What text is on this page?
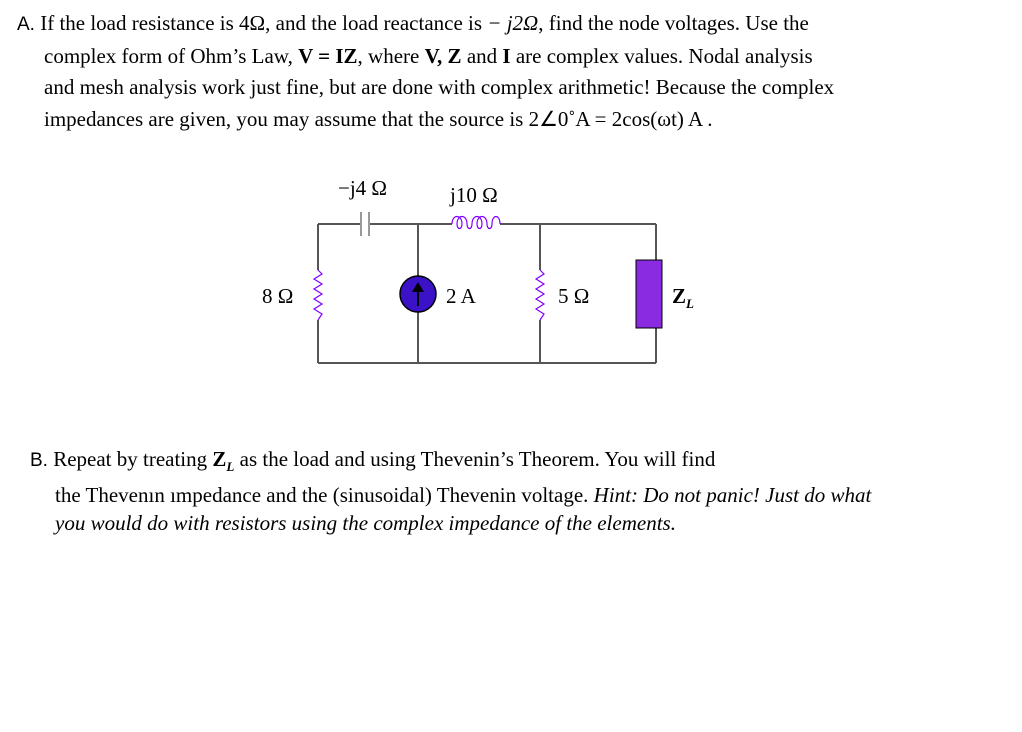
A. If the load resistance is 4Ω, and the load reactance is − j2Ω, find the node voltages. Use the
complex form of Ohm’s Law, V = IZ, where V, Z and I are complex values. Nodal analysis
and mesh analysis work just fine, but are done with complex arithmetic! Because the complex
impedances are given, you may assume that the source is 2∠0˚A = 2cos(ωt) A .
−j4 Ω	j10 Ω
8 Ω	2 A	5 Ω	$Z_L$
B. Repeat by treating $Z_L$ as the load and using Thevenin’s Theorem. You will find
the Thevenın ımpedance and the (sinusoidal) Thevenin voltage. Hint: Do not panic! Just do what
you would do with resistors using the complex impedance of the elements.
